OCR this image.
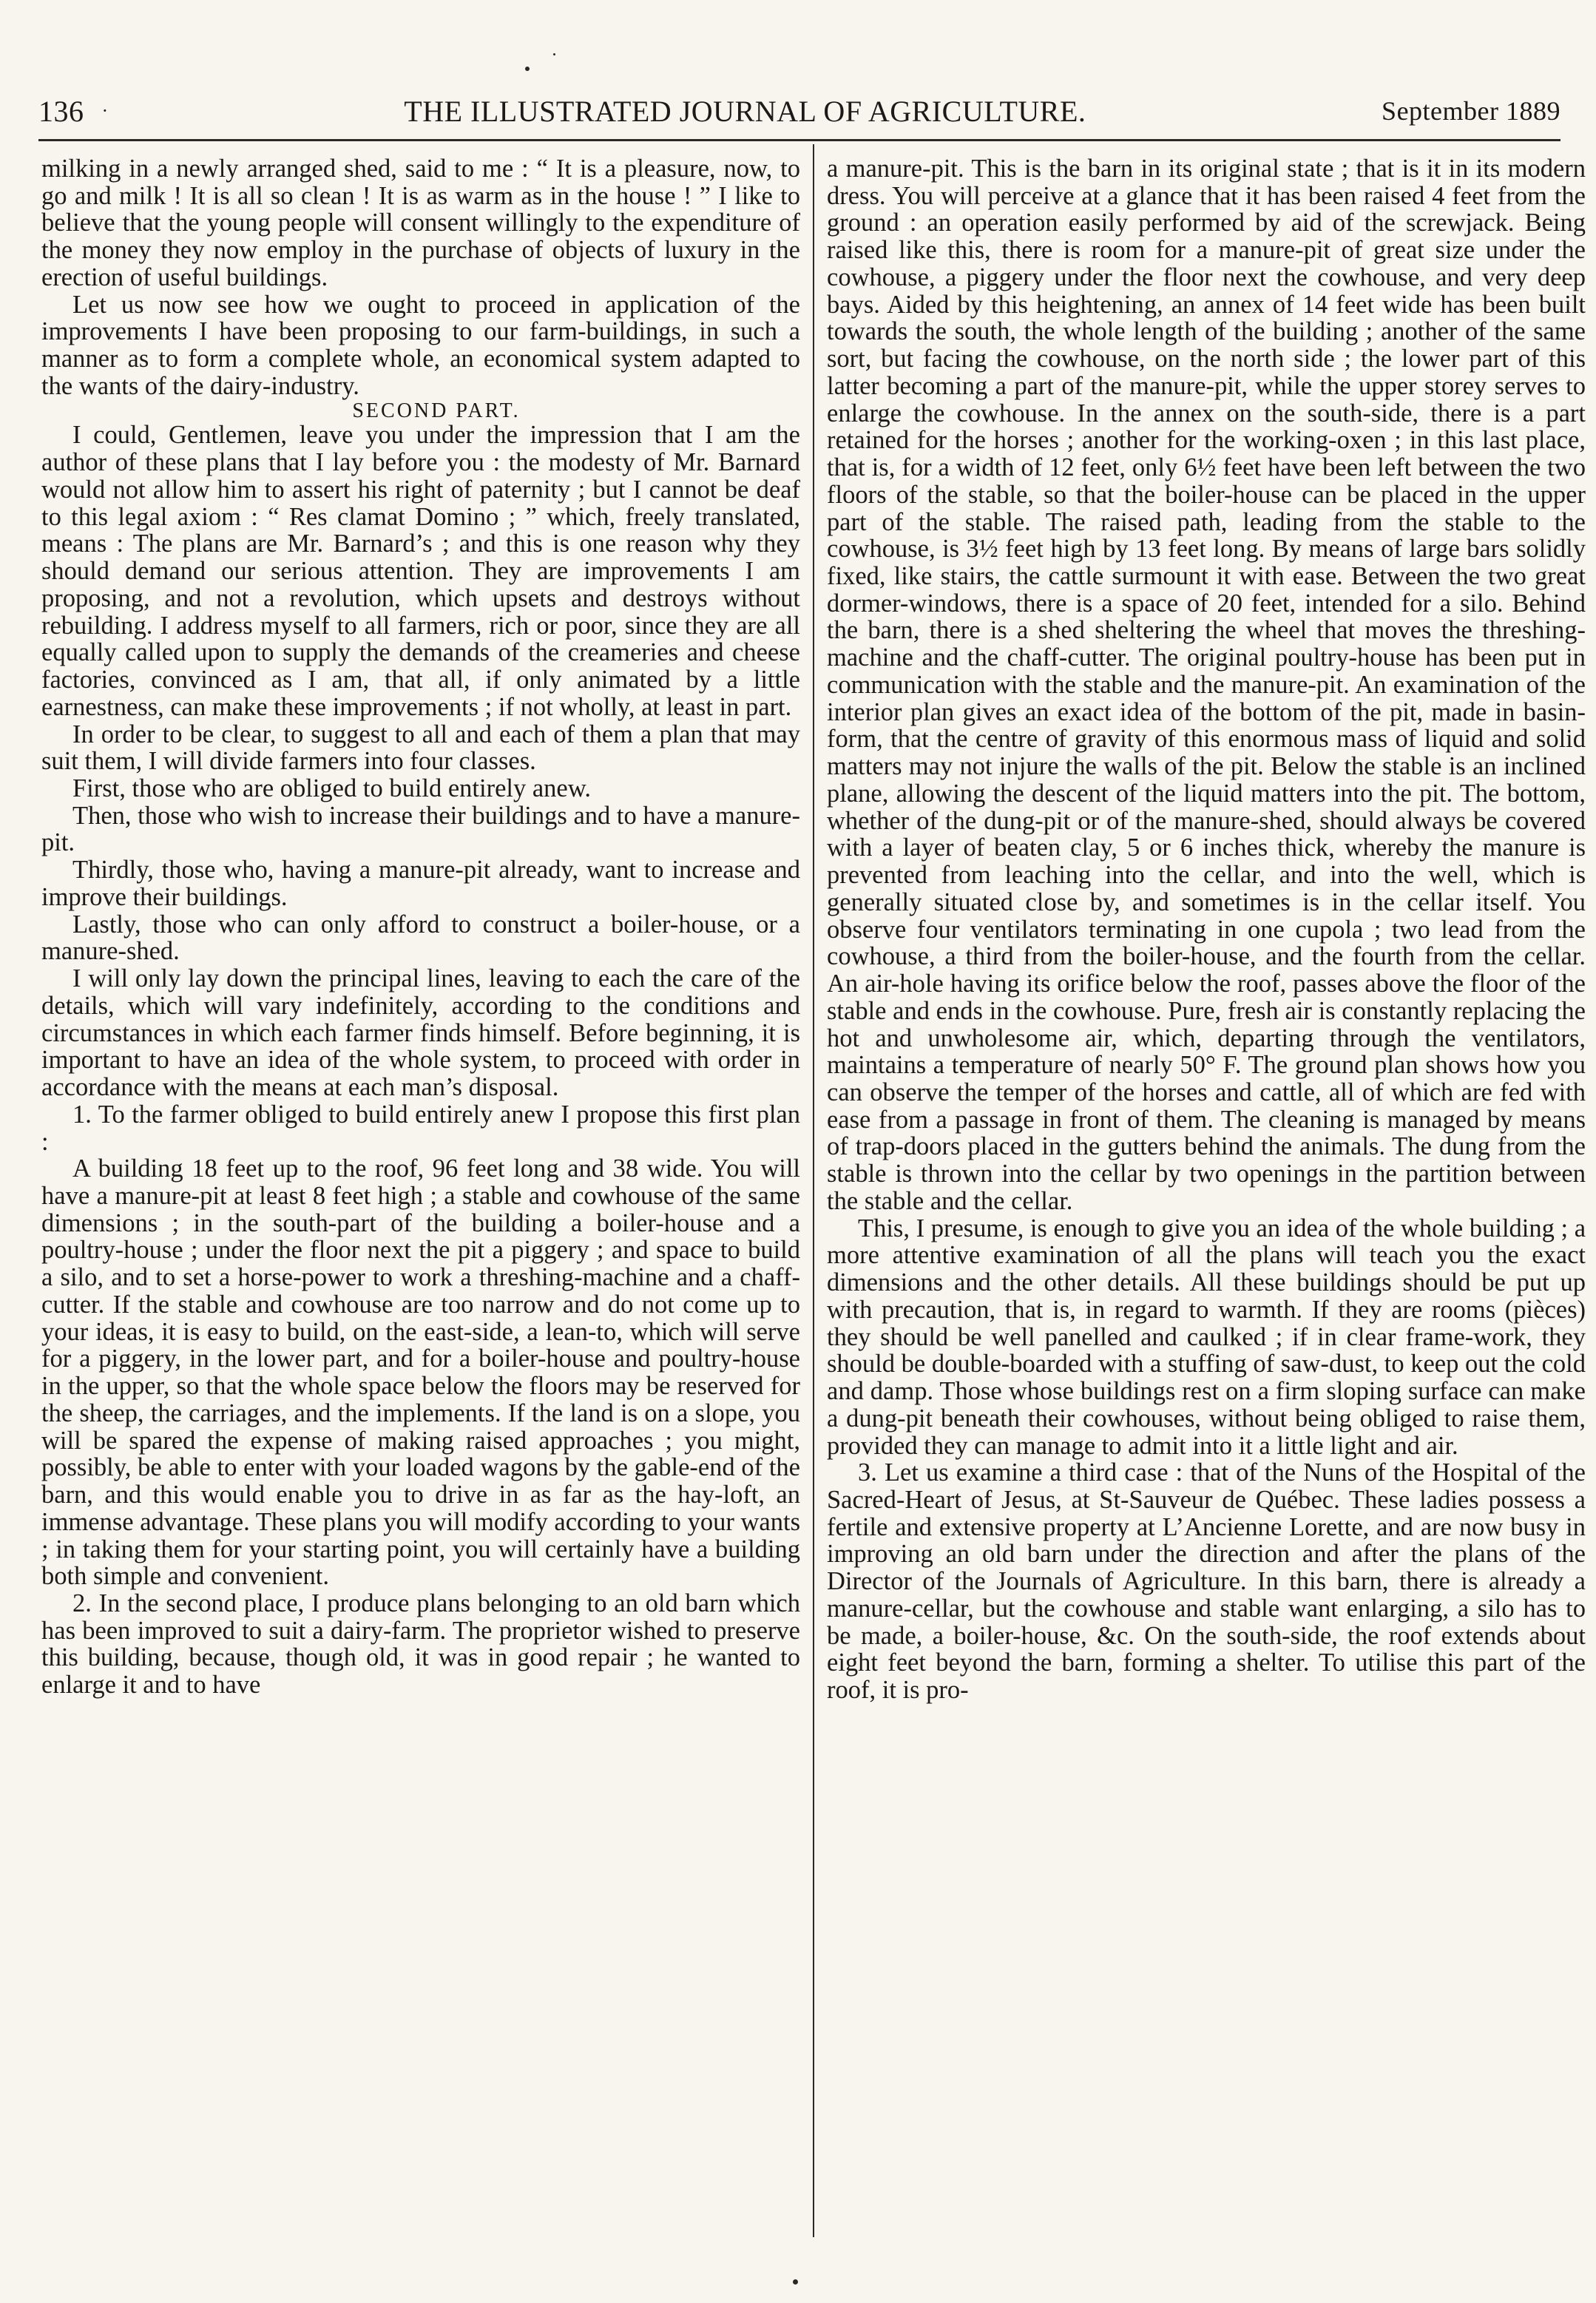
136 ·	THE ILLUSTRATED JOURNAL OF AGRICULTURE.	September 1889

milking in a newly arranged shed, said to me : “ It is a pleasure, now, to go and milk ! It is all so clean ! It is as warm as in the house ! ” I like to believe that the young people will consent willingly to the expenditure of the money they now employ in the purchase of objects of luxury in the erection of useful buildings.

Let us now see how we ought to proceed in application of the improvements I have been proposing to our farm-buildings, in such a manner as to form a complete whole, an economical system adapted to the wants of the dairy-industry.

SECOND PART.

I could, Gentlemen, leave you under the impression that I am the author of these plans that I lay before you : the modesty of Mr. Barnard would not allow him to assert his right of paternity ; but I cannot be deaf to this legal axiom : “ Res clamat Domino ; ” which, freely translated, means : The plans are Mr. Barnard’s ; and this is one reason why they should demand our serious attention. They are improvements I am proposing, and not a revolution, which upsets and destroys without rebuilding. I address myself to all farmers, rich or poor, since they are all equally called upon to supply the demands of the creameries and cheese factories, convinced as I am, that all, if only animated by a little earnestness, can make these improvements ; if not wholly, at least in part.

In order to be clear, to suggest to all and each of them a plan that may suit them, I will divide farmers into four classes.

First, those who are obliged to build entirely anew.

Then, those who wish to increase their buildings and to have a manure-pit.

Thirdly, those who, having a manure-pit already, want to increase and improve their buildings.

Lastly, those who can only afford to construct a boiler-house, or a manure-shed.

I will only lay down the principal lines, leaving to each the care of the details, which will vary indefinitely, according to the conditions and circumstances in which each farmer finds himself. Before beginning, it is important to have an idea of the whole system, to proceed with order in accordance with the means at each man’s disposal.

1. To the farmer obliged to build entirely anew I propose this first plan :

A building 18 feet up to the roof, 96 feet long and 38 wide. You will have a manure-pit at least 8 feet high ; a stable and cowhouse of the same dimensions ; in the south-part of the building a boiler-house and a poultry-house ; under the floor next the pit a piggery ; and space to build a silo, and to set a horse-power to work a threshing-machine and a chaff-cutter. If the stable and cowhouse are too narrow and do not come up to your ideas, it is easy to build, on the east-side, a lean-to, which will serve for a piggery, in the lower part, and for a boiler-house and poultry-house in the upper, so that the whole space below the floors may be reserved for the sheep, the carriages, and the implements. If the land is on a slope, you will be spared the expense of making raised approaches ; you might, possibly, be able to enter with your loaded wagons by the gable-end of the barn, and this would enable you to drive in as far as the hay-loft, an immense advantage. These plans you will modify according to your wants ; in taking them for your starting point, you will certainly have a building both simple and convenient.

2. In the second place, I produce plans belonging to an old barn which has been improved to suit a dairy-farm. The proprietor wished to preserve this building, because, though old, it was in good repair ; he wanted to enlarge it and to have

a manure-pit. This is the barn in its original state ; that is it in its modern dress. You will perceive at a glance that it has been raised 4 feet from the ground : an operation easily performed by aid of the screwjack. Being raised like this, there is room for a manure-pit of great size under the cowhouse, a piggery under the floor next the cowhouse, and very deep bays. Aided by this heightening, an annex of 14 feet wide has been built towards the south, the whole length of the building ; another of the same sort, but facing the cowhouse, on the north side ; the lower part of this latter becoming a part of the manure-pit, while the upper storey serves to enlarge the cowhouse. In the annex on the south-side, there is a part retained for the horses ; another for the working-oxen ; in this last place, that is, for a width of 12 feet, only 6½ feet have been left between the two floors of the stable, so that the boiler-house can be placed in the upper part of the stable. The raised path, leading from the stable to the cowhouse, is 3½ feet high by 13 feet long. By means of large bars solidly fixed, like stairs, the cattle surmount it with ease. Between the two great dormer-windows, there is a space of 20 feet, intended for a silo. Behind the barn, there is a shed sheltering the wheel that moves the threshing-machine and the chaff-cutter. The original poultry-house has been put in communication with the stable and the manure-pit. An examination of the interior plan gives an exact idea of the bottom of the pit, made in basin-form, that the centre of gravity of this enormous mass of liquid and solid matters may not injure the walls of the pit. Below the stable is an inclined plane, allowing the descent of the liquid matters into the pit. The bottom, whether of the dung-pit or of the manure-shed, should always be covered with a layer of beaten clay, 5 or 6 inches thick, whereby the manure is prevented from leaching into the cellar, and into the well, which is generally situated close by, and sometimes is in the cellar itself. You observe four ventilators terminating in one cupola ; two lead from the cowhouse, a third from the boiler-house, and the fourth from the cellar. An air-hole having its orifice below the roof, passes above the floor of the stable and ends in the cowhouse. Pure, fresh air is constantly replacing the hot and unwholesome air, which, departing through the ventilators, maintains a temperature of nearly 50° F. The ground plan shows how you can observe the temper of the horses and cattle, all of which are fed with ease from a passage in front of them. The cleaning is managed by means of trap-doors placed in the gutters behind the animals. The dung from the stable is thrown into the cellar by two openings in the partition between the stable and the cellar.

This, I presume, is enough to give you an idea of the whole building ; a more attentive examination of all the plans will teach you the exact dimensions and the other details. All these buildings should be put up with precaution, that is, in regard to warmth. If they are rooms (pièces) they should be well panelled and caulked ; if in clear frame-work, they should be double-boarded with a stuffing of saw-dust, to keep out the cold and damp. Those whose buildings rest on a firm sloping surface can make a dung-pit beneath their cowhouses, without being obliged to raise them, provided they can manage to admit into it a little light and air.

3. Let us examine a third case : that of the Nuns of the Hospital of the Sacred-Heart of Jesus, at St-Sauveur de Québec. These ladies possess a fertile and extensive property at L’Ancienne Lorette, and are now busy in improving an old barn under the direction and after the plans of the Director of the Journals of Agriculture. In this barn, there is already a manure-cellar, but the cowhouse and stable want enlarging, a silo has to be made, a boiler-house, &c. On the south-side, the roof extends about eight feet beyond the barn, forming a shelter. To utilise this part of the roof, it is pro-
